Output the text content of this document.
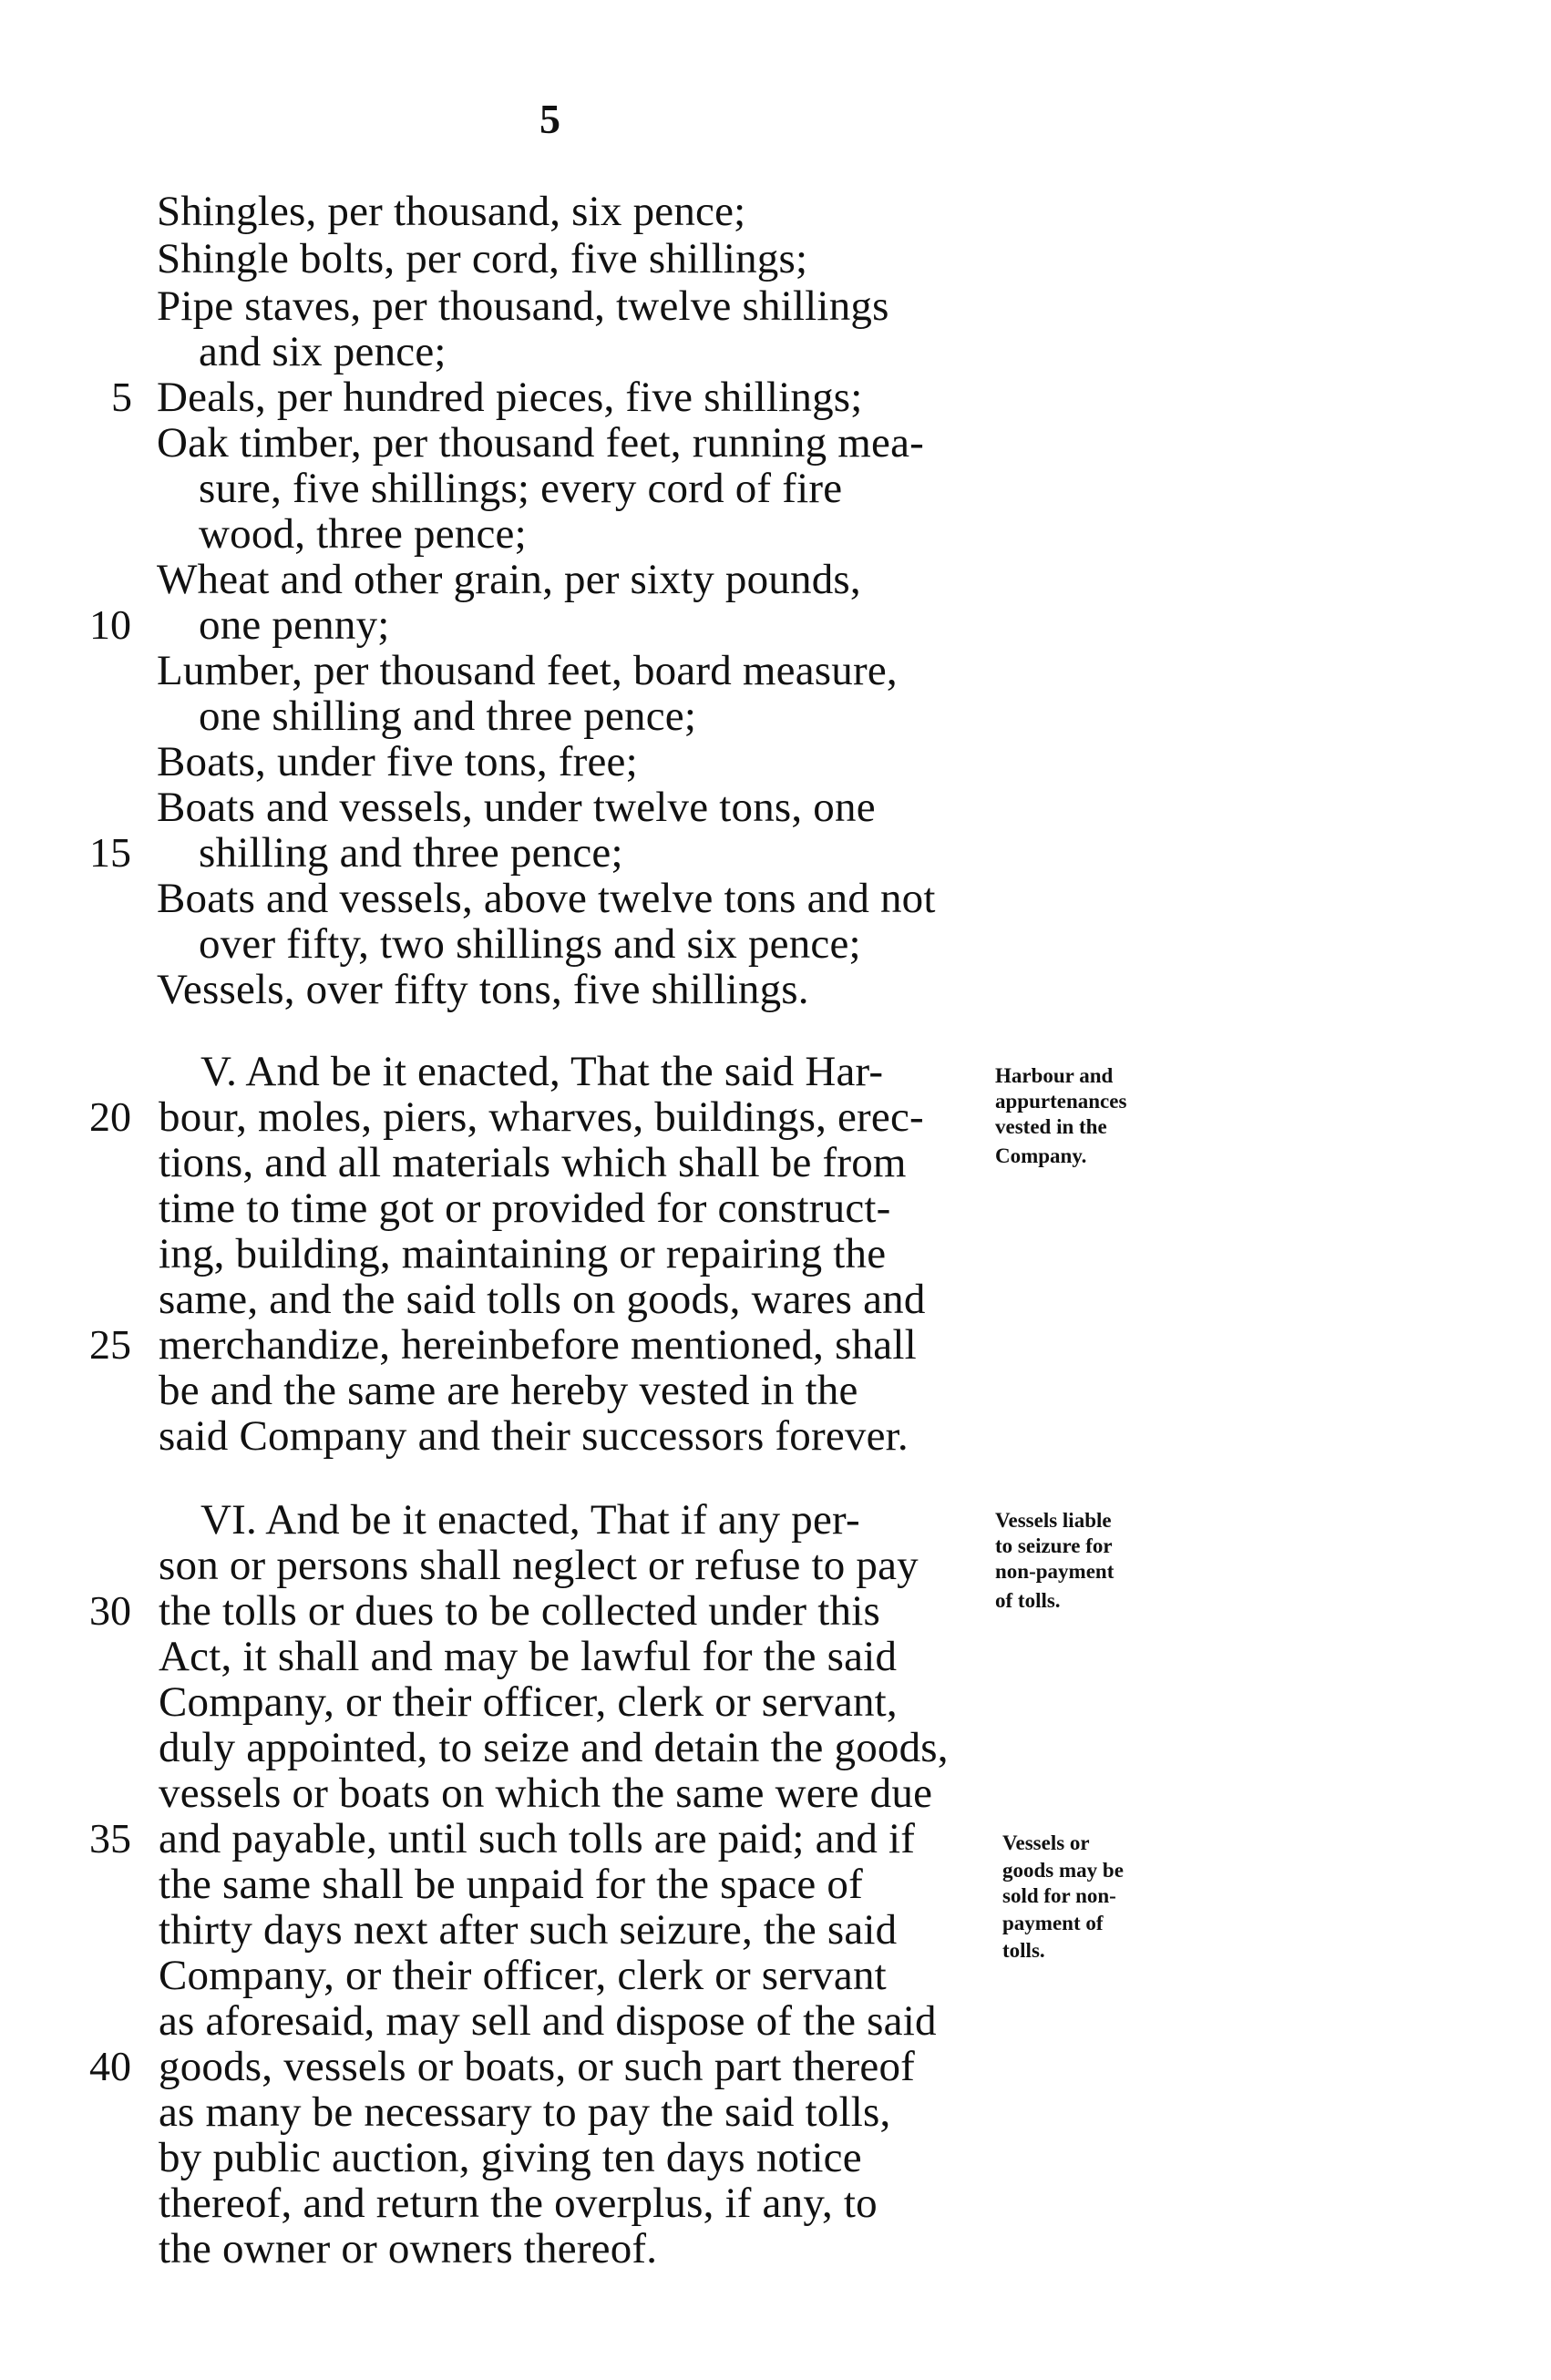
5
Shingles, per thousand, six pence;
Shingle bolts, per cord, five shillings;
Pipe staves, per thousand, twelve shillings
and six pence;
Deals, per hundred pieces, five shillings;
Oak timber, per thousand feet, running mea-
sure, five shillings; every cord of fire
wood, three pence;
Wheat and other grain, per sixty pounds,
one penny;
Lumber, per thousand feet, board measure,
one shilling and three pence;
Boats, under five tons, free;
Boats and vessels, under twelve tons, one
shilling and three pence;
Boats and vessels, above twelve tons and not
over fifty, two shillings and six pence;
Vessels, over fifty tons, five shillings.
V. And be it enacted, That the said Har-
bour, moles, piers, wharves, buildings, erec-
tions, and all materials which shall be from
time to time got or provided for construct-
ing, building, maintaining or repairing the
same, and the said tolls on goods, wares and
merchandize, hereinbefore mentioned, shall
be and the same are hereby vested in the
said Company and their successors forever.
VI. And be it enacted, That if any per-
son or persons shall neglect or refuse to pay
the tolls or dues to be collected under this
Act, it shall and may be lawful for the said
Company, or their officer, clerk or servant,
duly appointed, to seize and detain the goods,
vessels or boats on which the same were due
and payable, until such tolls are paid; and if
the same shall be unpaid for the space of
thirty days next after such seizure, the said
Company, or their officer, clerk or servant
as aforesaid, may sell and dispose of the said
goods, vessels or boats, or such part thereof
as many be necessary to pay the said tolls,
by public auction, giving ten days notice
thereof, and return the overplus, if any, to
the owner or owners thereof.
5
10
15
20
25
30
35
40
Harbour and
appurtenances
vested in the
Company.
Vessels liable
to seizure for
non-payment
of tolls.
Vessels or
goods may be
sold for non-
payment of
tolls.
